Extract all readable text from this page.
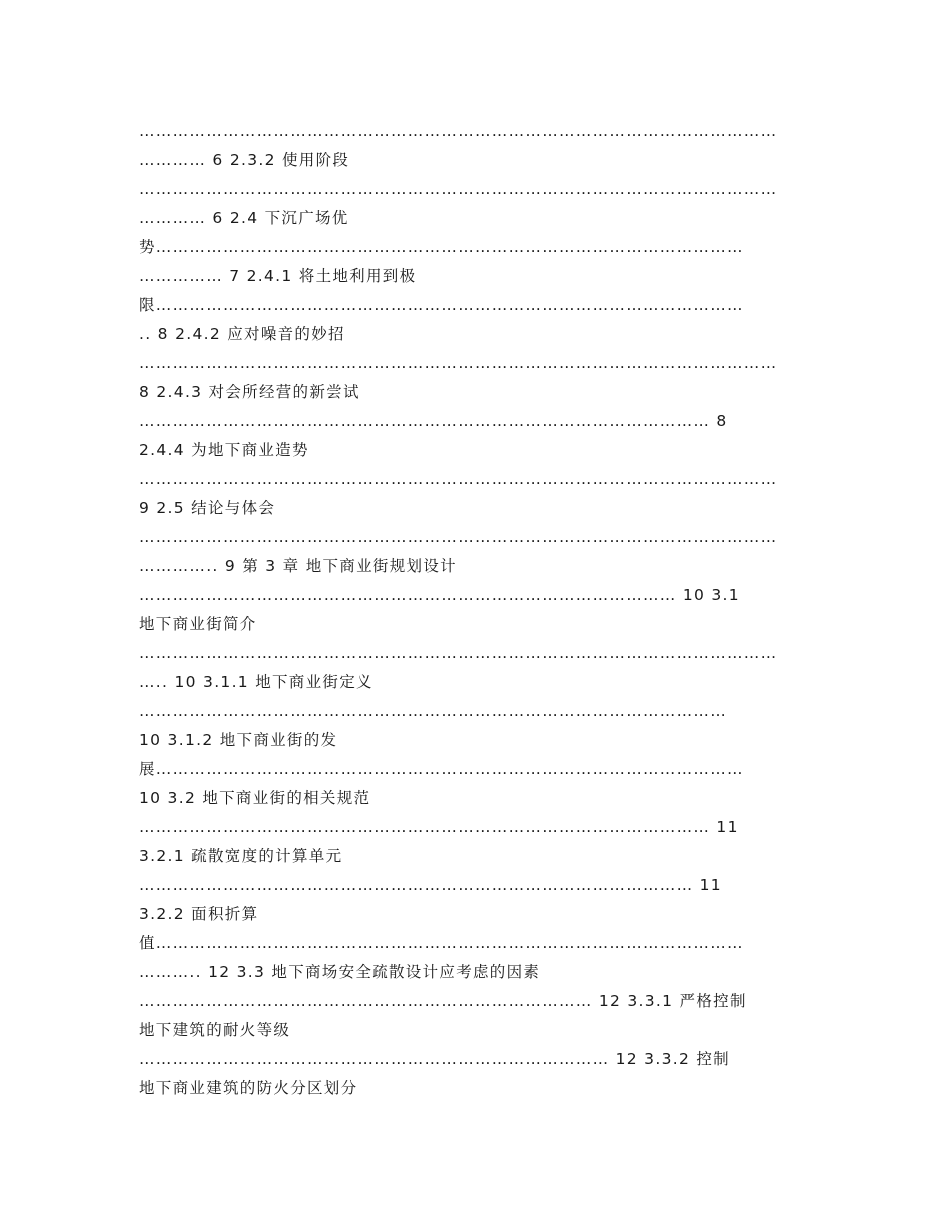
……………………………………………………………………………………………………
………… 6 2.3.2 使用阶段
……………………………………………………………………………………………………
………… 6 2.4 下沉广场优
势……………………………………………………………………………………………
…………… 7 2.4.1 将土地利用到极
限……………………………………………………………………………………………
.. 8 2.4.2 应对噪音的妙招
……………………………………………………………………………………………………
8 2.4.3 对会所经营的新尝试
………………………………………………………………………………………… 8
2.4.4 为地下商业造势
……………………………………………………………………………………………………
9 2.5 结论与体会
……………………………………………………………………………………………………
………….. 9 第 3 章 地下商业街规划设计
…………………………………………………………………………………… 10 3.1
地下商业街简介
……………………………………………………………………………………………………
….. 10 3.1.1 地下商业街定义
……………………………………………………………………………………………
10 3.1.2 地下商业街的发
展……………………………………………………………………………………………
10 3.2 地下商业街的相关规范
………………………………………………………………………………………… 11
3.2.1 疏散宽度的计算单元
……………………………………………………………………………………… 11
3.2.2 面积折算
值……………………………………………………………………………………………
……….. 12 3.3 地下商场安全疏散设计应考虑的因素
……………………………………………………………………… 12 3.3.1 严格控制
地下建筑的耐火等级
………………………………………………………………………… 12 3.3.2 控制
地下商业建筑的防火分区划分
